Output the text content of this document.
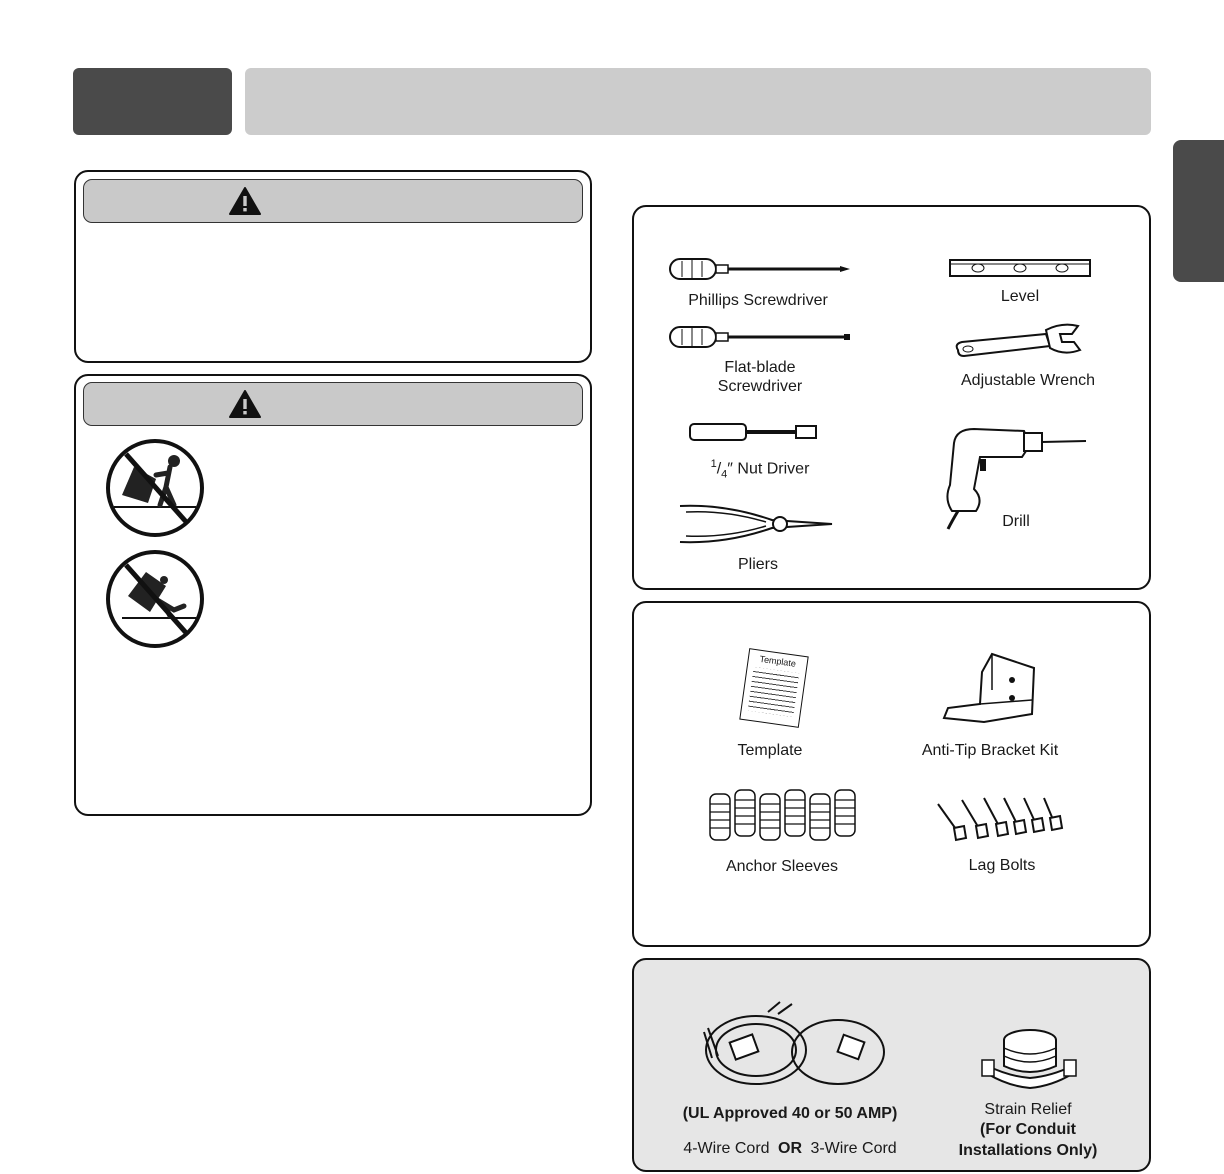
Phillips Screwdriver
Flat-blade
Screwdriver
$^1/_4''$ Nut Driver
Pliers
Level
Adjustable Wrench
Drill
Template
Template	Anti-Tip Bracket Kit
Anchor Sleeves	Lag Bolts
(UL Approved 40 or 50 AMP)
4-Wire Cord OR 3-Wire Cord
Strain Relief
(For Conduit
Installations Only)
